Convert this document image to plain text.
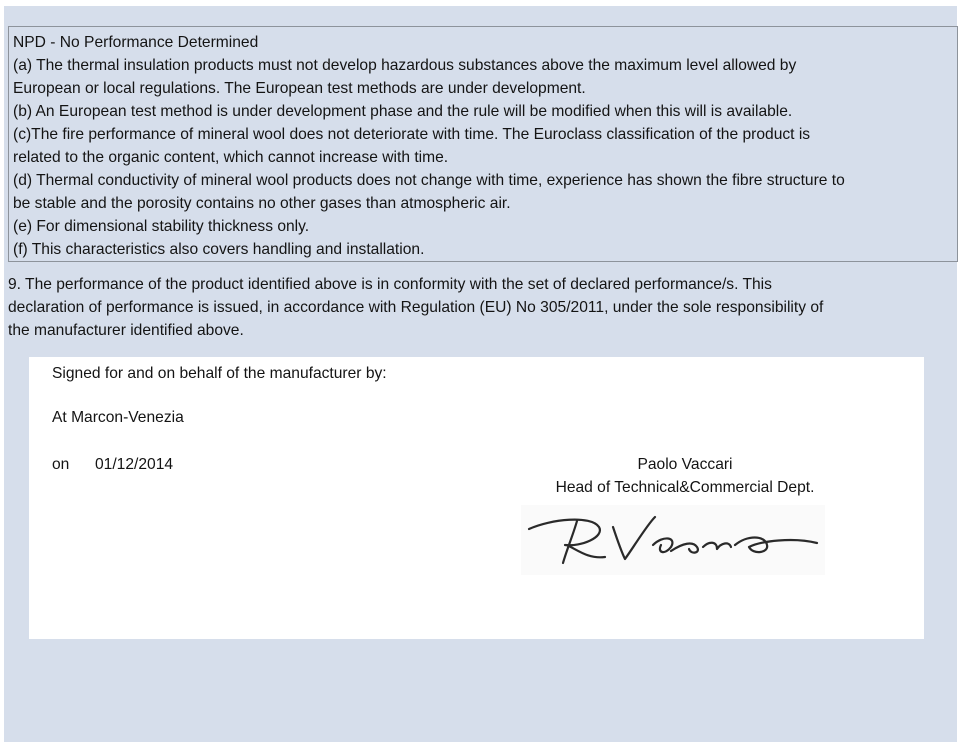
NPD - No Performance Determined
(a) The thermal insulation products must not develop hazardous substances above the maximum level allowed by
European or local regulations. The European test methods are under development.
(b) An European test method is under development phase and the rule will be modified when this will is available.
(c)The fire performance of mineral wool does not deteriorate with time. The Euroclass classification of the product is
related to the organic content, which cannot increase with time.
(d) Thermal conductivity of mineral wool products does not change with time, experience has shown the fibre structure to
be stable and the porosity contains no other gases than atmospheric air.
(e) For dimensional stability thickness only.
(f) This characteristics also covers handling and installation.
9. The performance of the product identified above is in conformity with the set of declared performance/s. This
declaration of performance is issued, in accordance with Regulation (EU) No 305/2011, under the sole responsibility of
the manufacturer identified above.
Signed for and on behalf of the manufacturer by:
At Marcon-Venezia
on 01/12/2014	Paolo Vaccari
Head of Technical&Commercial Dept.
